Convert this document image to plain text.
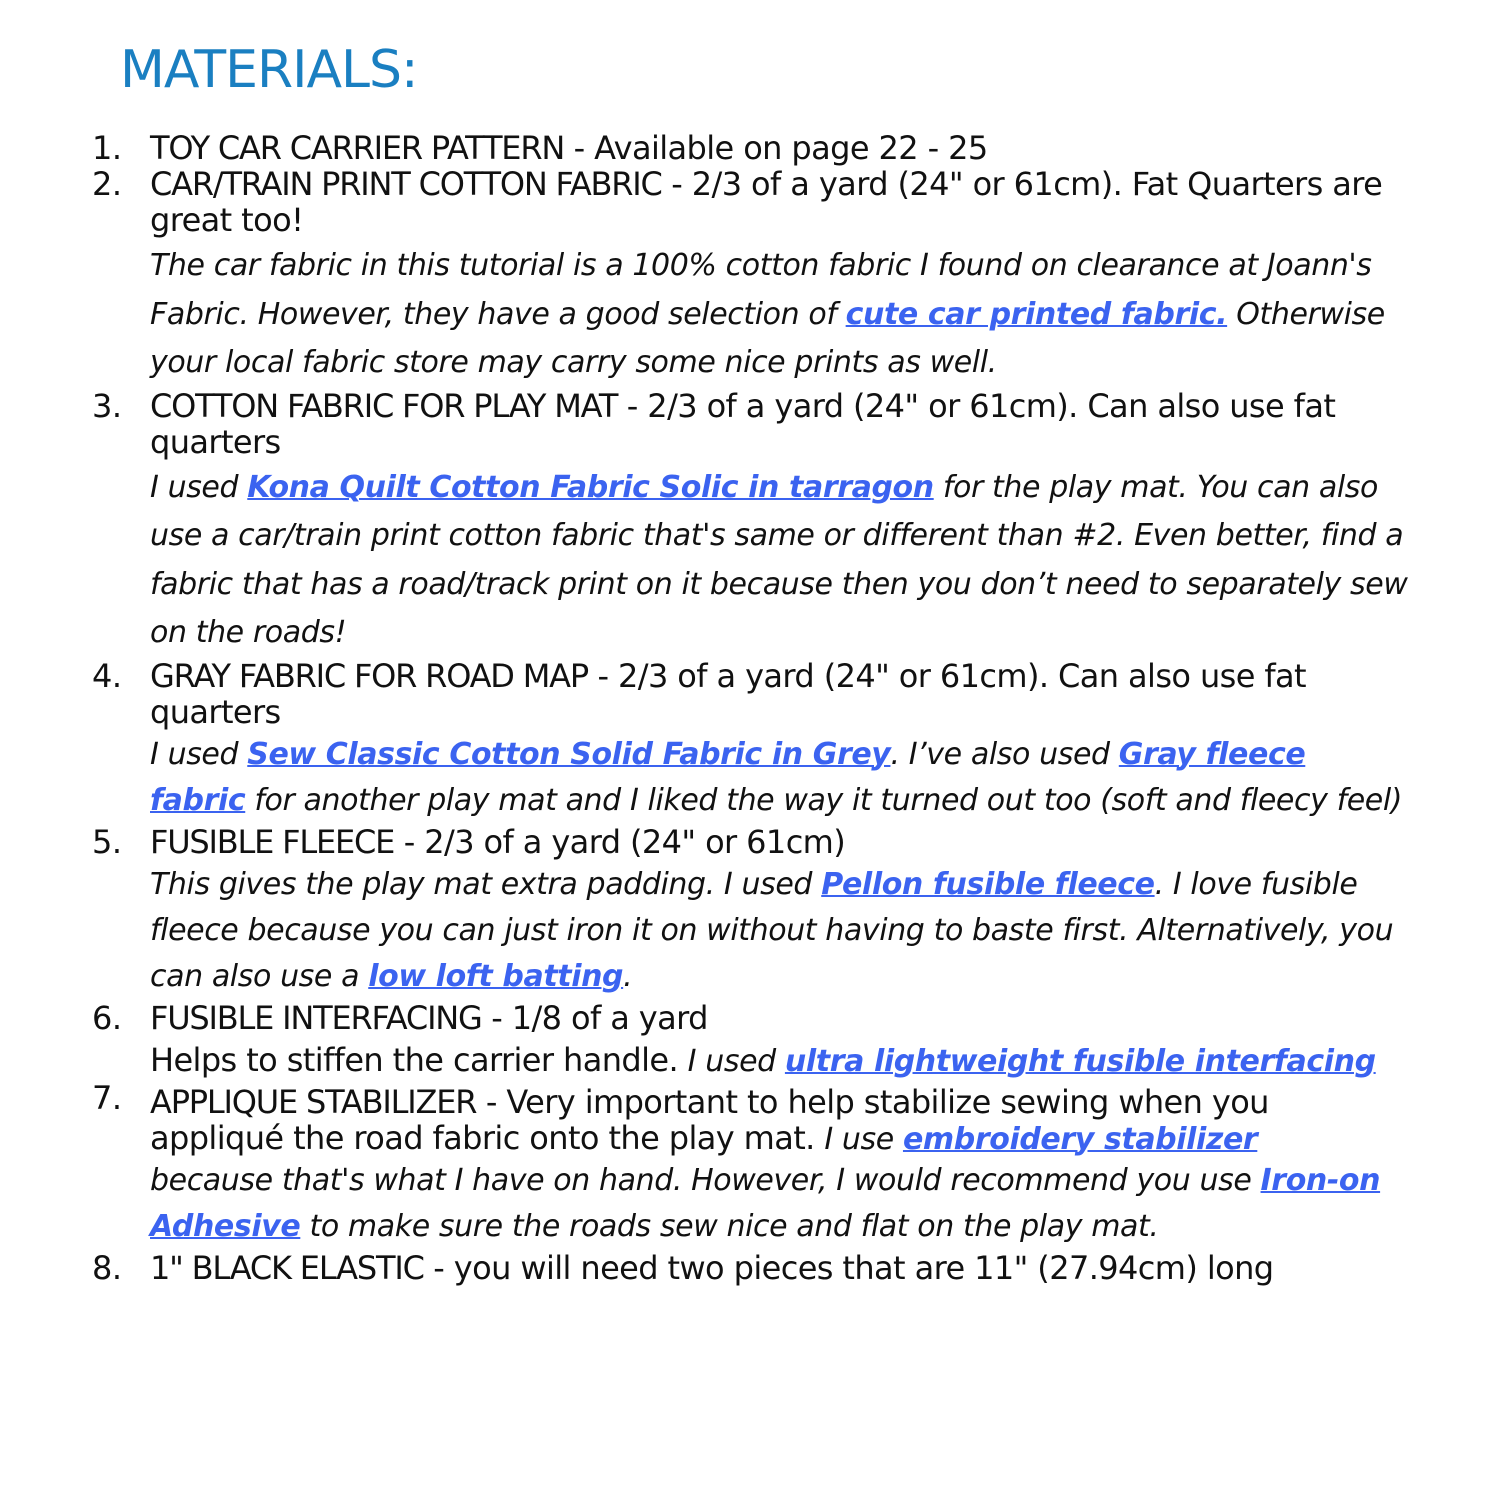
MATERIALS:
1. TOY CAR CARRIER PATTERN - Available on page 22 - 25
2. CAR/TRAIN PRINT COTTON FABRIC - 2/3 of a yard (24" or 61cm). Fat Quarters are great too!
The car fabric in this tutorial is a 100% cotton fabric I found on clearance at Joann's Fabric. However, they have a good selection of cute car printed fabric. Otherwise your local fabric store may carry some nice prints as well.
3. COTTON FABRIC FOR PLAY MAT - 2/3 of a yard (24" or 61cm). Can also use fat quarters
I used Kona Quilt Cotton Fabric Solic in tarragon for the play mat. You can also use a car/train print cotton fabric that's same or different than #2. Even better, find a fabric that has a road/track print on it because then you don’t need to separately sew on the roads!
4. GRAY FABRIC FOR ROAD MAP - 2/3 of a yard (24" or 61cm). Can also use fat quarters
I used Sew Classic Cotton Solid Fabric in Grey. I’ve also used Gray fleece fabric for another play mat and I liked the way it turned out too (soft and fleecy feel)
5. FUSIBLE FLEECE - 2/3 of a yard (24" or 61cm)
This gives the play mat extra padding. I used Pellon fusible fleece. I love fusible fleece because you can just iron it on without having to baste first. Alternatively, you can also use a low loft batting.
6. FUSIBLE INTERFACING - 1/8 of a yard
Helps to stiffen the carrier handle. I used ultra lightweight fusible interfacing
7. APPLIQUE STABILIZER - Very important to help stabilize sewing when you appliqué the road fabric onto the play mat. I use embroidery stabilizer
because that's what I have on hand. However, I would recommend you use Iron-on Adhesive to make sure the roads sew nice and flat on the play mat.
8. 1" BLACK ELASTIC - you will need two pieces that are 11" (27.94cm) long
